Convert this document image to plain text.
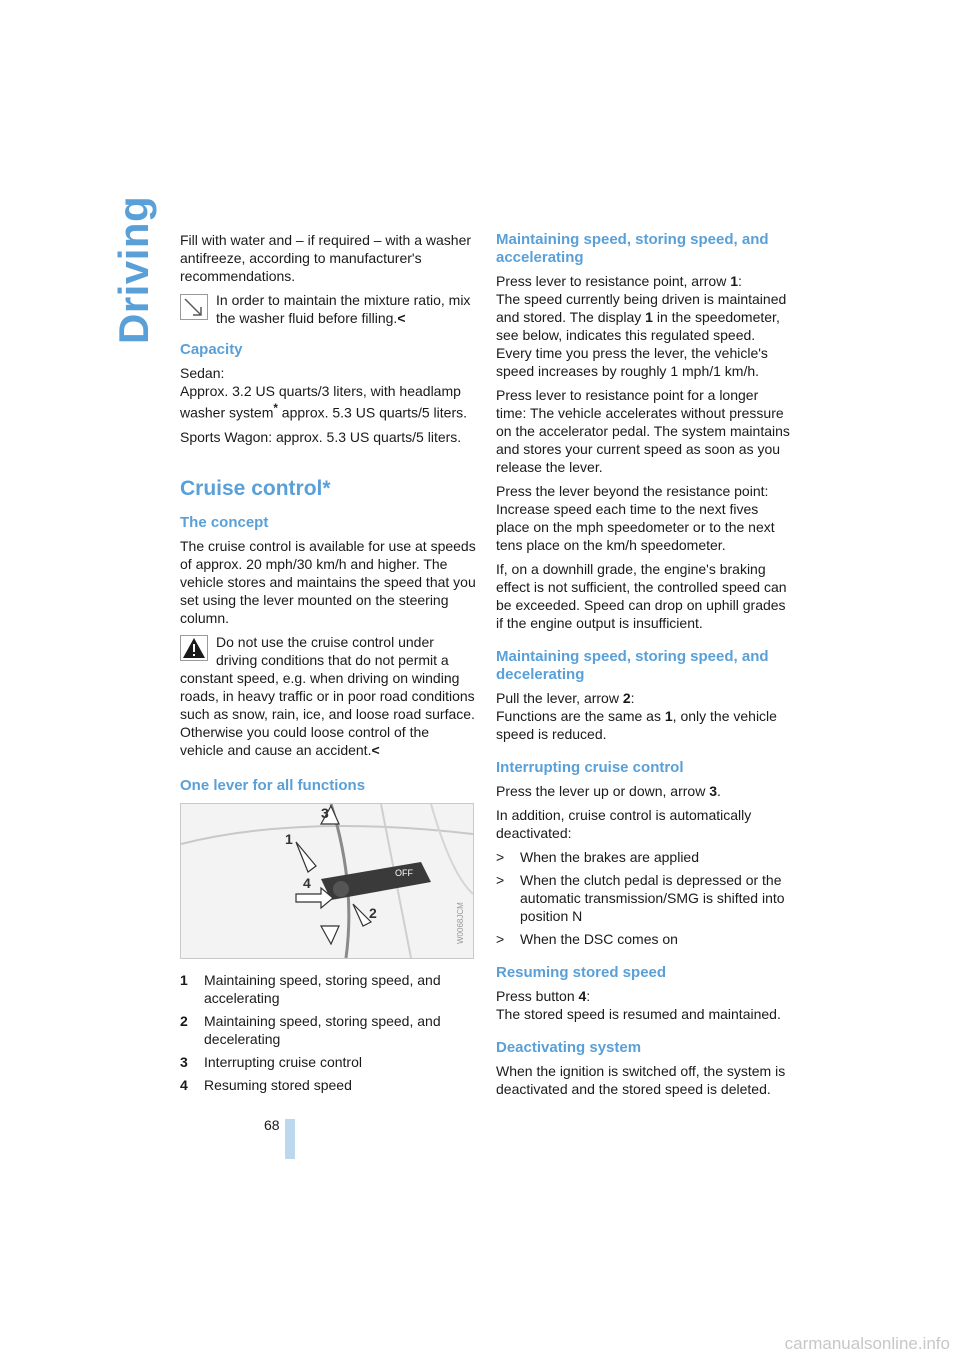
Driving Fill with water and – if required – with a washer antifreeze, according to manufacturer's recommendations.

In order to maintain the mixture ratio, mix the washer fluid before filling.<

Capacity

Sedan:

Approx. 3.2 US quarts/3 liters, with headlamp washer system* approx. 5.3 US quarts/5 liters.

Sports Wagon: approx. 5.3 US quarts/5 liters.

Cruise control*
The concept

The cruise control is available for use at speeds of approx. 20 mph/30 km/h and higher. The vehicle stores and maintains the speed that you set using the lever mounted on the steering column.

Do not use the cruise control under driving conditions that do not permit a constant speed, e.g. when driving on winding roads, in heavy traffic or in poor road conditions such as snow, rain, ice, and loose road surface. Otherwise you could loose control of the vehicle and cause an accident.<

One lever for all functions
1
2
3
4
OFF
W0068JCM
1	Maintaining speed, storing speed, and accelerating
2	Maintaining speed, storing speed, and decelerating
3	Interrupting cruise control
4	Resuming stored speed
Maintaining speed, storing speed, and accelerating

Press lever to resistance point, arrow 1:
The speed currently being driven is maintained and stored. The display 1 in the speedometer, see below, indicates this regulated speed. Every time you press the lever, the vehicle's speed increases by roughly 1 mph/1 km/h.

Press lever to resistance point for a longer time: The vehicle accelerates without pressure on the accelerator pedal. The system maintains and stores your current speed as soon as you release the lever.

Press the lever beyond the resistance point: Increase speed each time to the next fives place on the mph speedometer or to the next tens place on the km/h speedometer.

If, on a downhill grade, the engine's braking effect is not sufficient, the controlled speed can be exceeded. Speed can drop on uphill grades if the engine output is insufficient.

Maintaining speed, storing speed, and decelerating

Pull the lever, arrow 2:
Functions are the same as 1, only the vehicle speed is reduced.

Interrupting cruise control

Press the lever up or down, arrow 3.

In addition, cruise control is automatically deactivated:

>	When the brakes are applied
>	When the clutch pedal is depressed or the automatic transmission/SMG is shifted into position N
>	When the DSC comes on
Resuming stored speed

Press button 4:
The stored speed is resumed and maintained.

Deactivating system

When the ignition is switched off, the system is deactivated and the stored speed is deleted.

68
carmanualsonline.info
